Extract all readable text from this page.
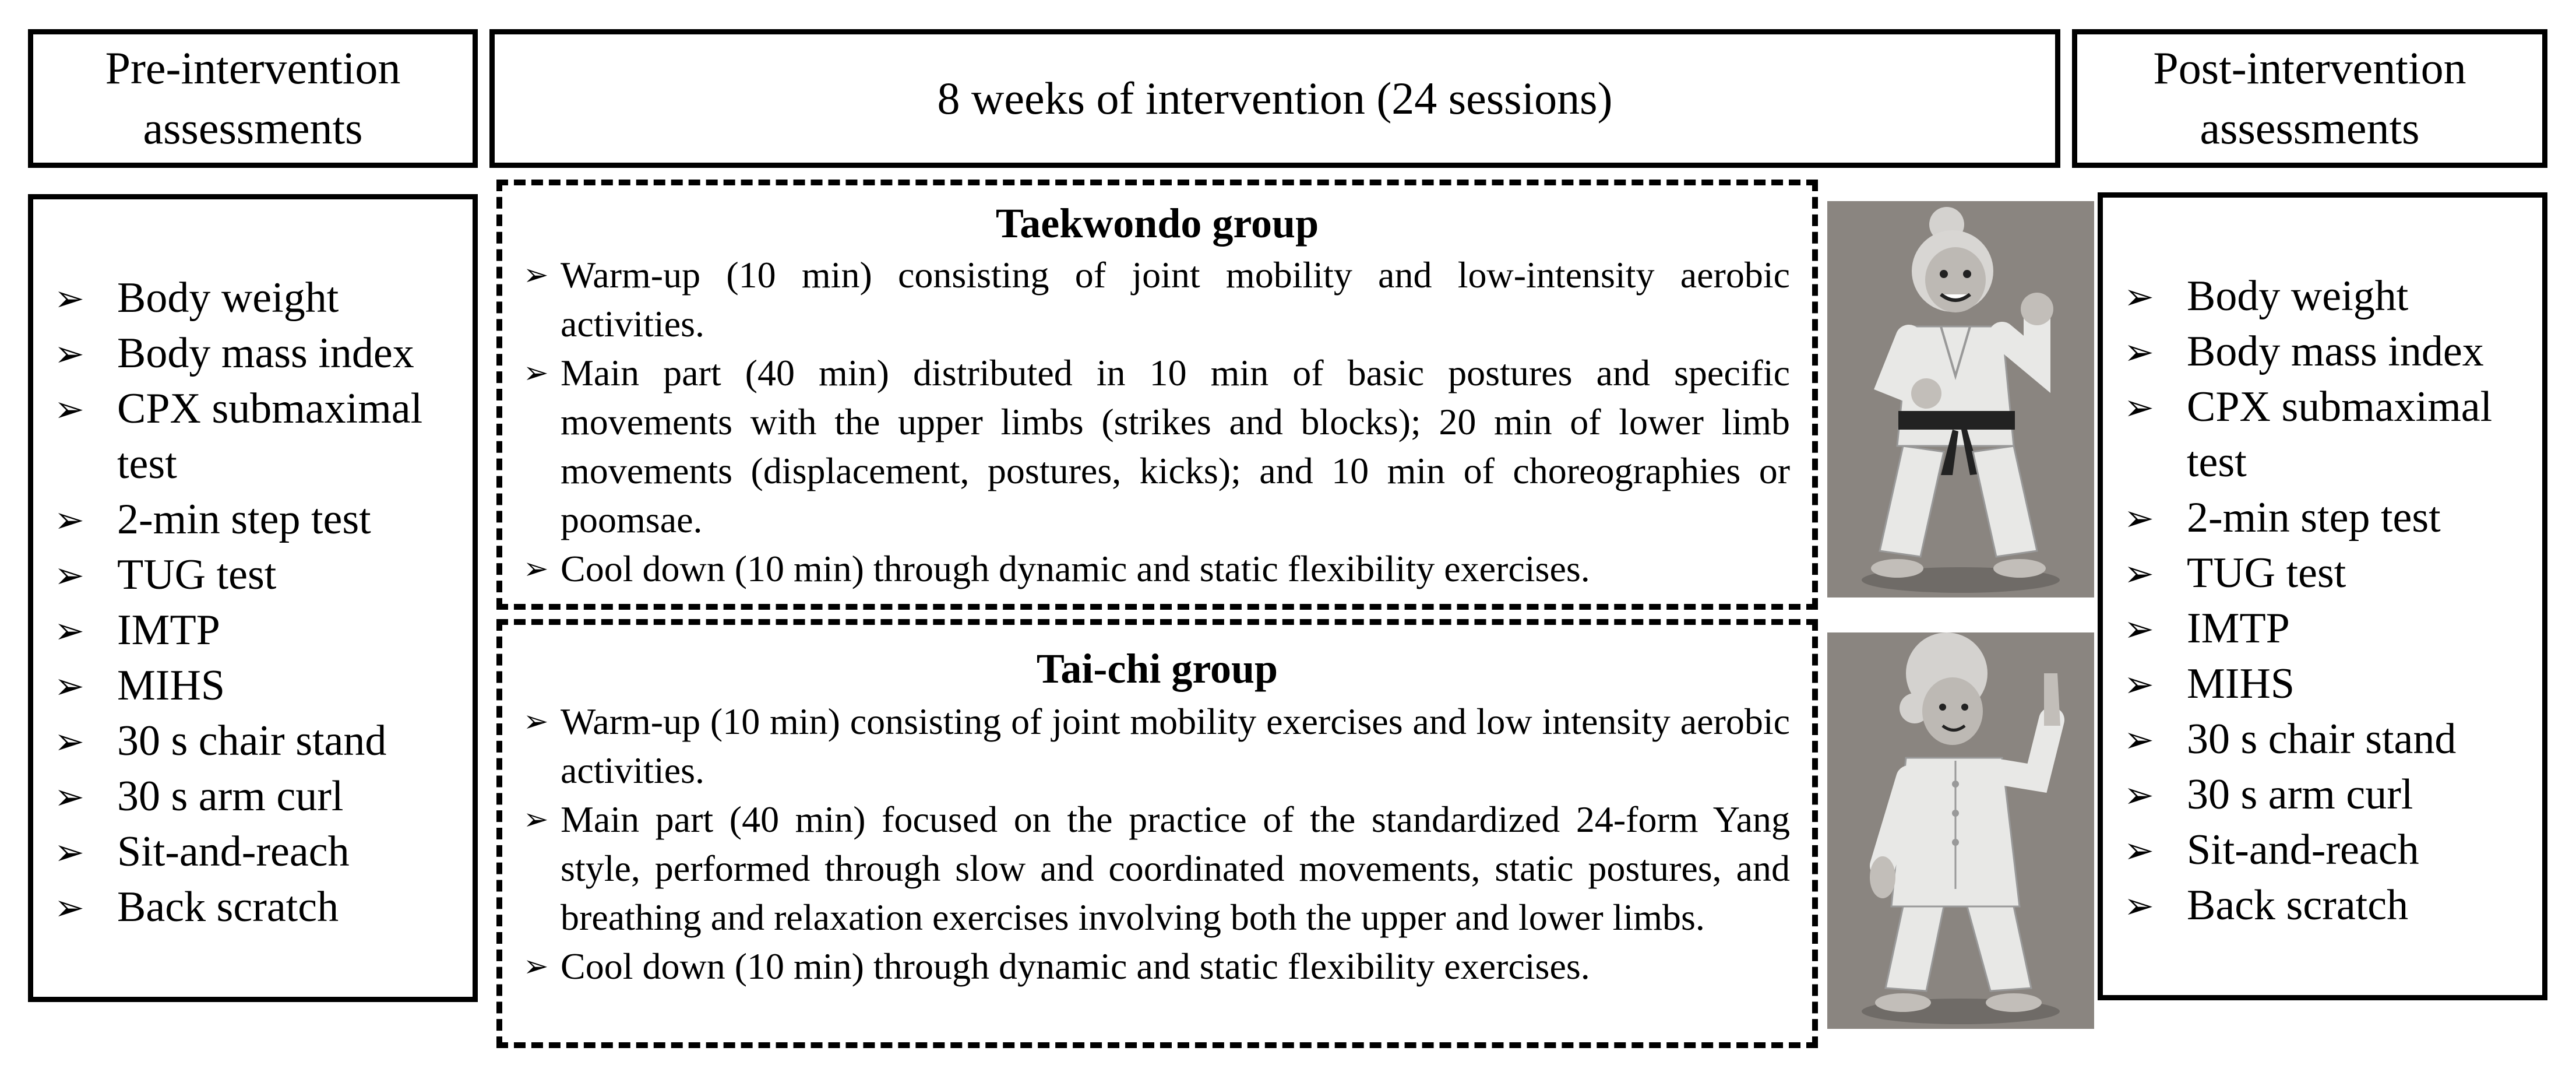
Pre-intervention
assessments
8 weeks of intervention (24 sessions)
Post-intervention
assessments
➢ Body weight
➢ Body mass index
➢ CPX submaximal
test
➢ 2-min step test
➢ TUG test
➢ IMTP
➢ MIHS
➢ 30 s chair stand
➢ 30 s arm curl
➢ Sit-and-reach
➢ Back scratch
Taekwondo group
➢ Warm-up (10 min) consisting of joint mobility and low-intensity aerobic activities.
➢ Main part (40 min) distributed in 10 min of basic postures and specific movements with the upper limbs (strikes and blocks); 20 min of lower limb movements (displacement, postures, kicks); and 10 min of choreographies or poomsae.
➢ Cool down (10 min) through dynamic and static flexibility exercises.
Tai-chi group
➢ Warm-up (10 min) consisting of joint mobility exercises and low intensity aerobic activities.
➢ Main part (40 min) focused on the practice of the standardized 24-form Yang style, performed through slow and coordinated movements, static postures, and breathing and relaxation exercises involving both the upper and lower limbs.
➢ Cool down (10 min) through dynamic and static flexibility exercises.
➢ Body weight
➢ Body mass index
➢ CPX submaximal
test
➢ 2-min step test
➢ TUG test
➢ IMTP
➢ MIHS
➢ 30 s chair stand
➢ 30 s arm curl
➢ Sit-and-reach
➢ Back scratch
